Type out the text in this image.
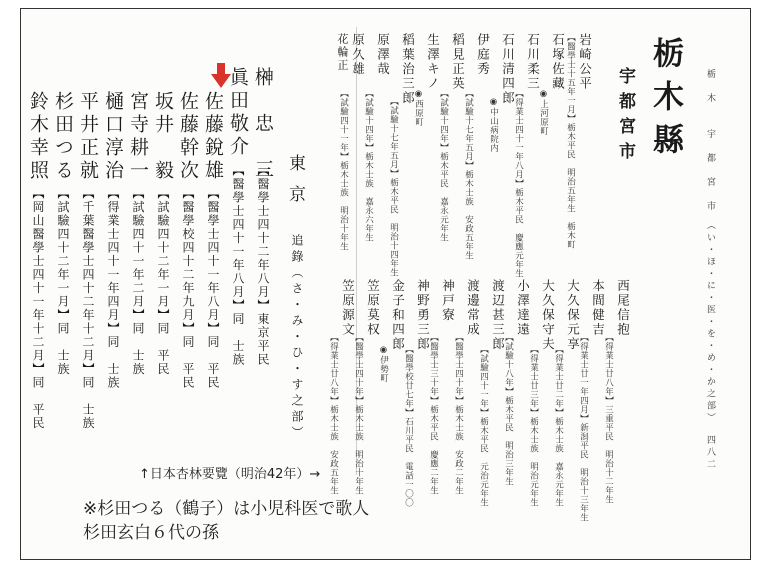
榊　忠　三
【醫學士四十二年八月】東京平民
眞田敬介
【醫學士四十一年八月】同　士族
佐藤銳雄
【醫學士四十一年八月】同　平民
佐藤幹次
【醫學校四十二年九月】同　平民
坂井　毅
【試驗四十二年一月】同　平民
宮寺耕一
【試驗四十一年二月】同　士族
樋口淳治
【得業士四十一年四月】同　士族
平井正就
【千葉醫學士四十二年十二月】同　士族
杉田つる
【試驗四十二年一月】同　士族
鈴木幸照
【岡山醫學士四十一年十二月】同　平民
東京
追錄（さ・み・ひ・す之部）
栃木縣
宇都宮市	栃　木　　宇　都　宮　市　（い・ほ・に・医・を・め・か之部）
四八二
岩崎公平
【醫學士十五年一月】栃木平民　明治五年生　栃木町
石塚佐藏
◉上河原町
石川柔三
【得業士四十一年八月】栃木平民　慶應元年生
石川清四郎
◉中山病院内
伊庭秀
【試驗十七年五月】栃木士族　安政五年生
稻見正英
【試驗十四年】栃木平民　嘉永元年生
生澤キノ
◉西原町
稻葉治三郎
【試驗十七年五月】栃木平民　明治十四年生
原澤哉
【試驗十四年】栃木士族　嘉永六年生
原久雄
【試驗四十一年】栃木士族　明治十年生
花輪正
西尾信抱
【得業士廿八年】三重平民　明治十二年生
本間健吉
【得業士廿一年四月】新潟平民　明治十三年生
大久保元享
【得業士廿二年】栃木士族　嘉永元年生
大久保守夫
【得業士廿三年】栃木士族　明治元年生
小澤達遠
【試驗十八年】栃木平民　明治三年生
渡辺甚三郎
【試驗四十一年】栃木平民　元治元年生
渡邊常成
【醫學士四十年】栃木士族　安政二年生
神戸寮
【醫學士三十年】栃木平民　慶應二年生
神野勇三郎
【醫學校廿七年】石川平民　電話一〇〇
金子和四郎
◉伊勢町
笠原莫权
【醫學士四十年】栃木士族　明治十年生
笠原源文
【得業士廿八年】栃木士族　安政五年生
↑日本杏林要覽（明治42年）→
※杉田つる（鶴子）は小児科医で歌人
杉田玄白６代の孫
